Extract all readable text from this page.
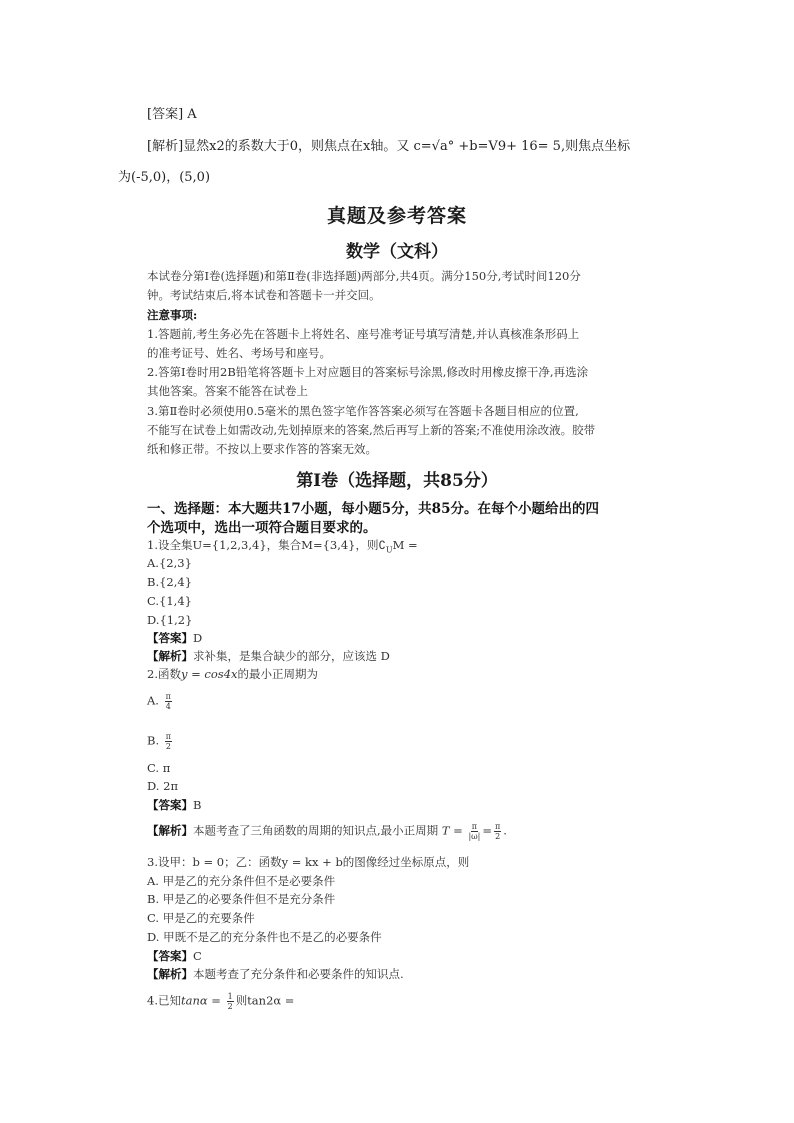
[答案] A
[解析]显然x2的系数大于0，则焦点在x轴。又 c=√a° +b=V9+ 16= 5,则焦点坐标
为(-5,0)，(5,0)
真题及参考答案
数学（文科）
本试卷分第Ⅰ卷(选择题)和第Ⅱ卷(非选择题)两部分,共4页。满分150分,考试时间120分
钟。考试结束后,将本试卷和答题卡一并交回。
注意事项:
1.答题前,考生务必先在答题卡上将姓名、座号准考证号填写清楚,并认真核准条形码上
的准考证号、姓名、考场号和座号。
2.答第Ⅰ卷时用2B铅笔将答题卡上对应题目的答案标号涂黑,修改时用橡皮擦干净,再选涂
其他答案。答案不能答在试卷上
3.第Ⅱ卷时必须使用0.5毫米的黑色签字笔作答答案必须写在答题卡各题目相应的位置,
不能写在试卷上如需改动,先划掉原来的答案,然后再写上新的答案;不准使用涂改液。胶带
纸和修正带。不按以上要求作答的答案无效。
第Ⅰ卷（选择题，共85分）
一、选择题：本大题共17小题，每小题5分，共85分。在每个小题给出的四
个选项中，选出一项符合题目要求的。
1.设全集U={1,2,3,4}，集合M={3,4}，则$∁_UM$ =
A.{2,3}
B.{2,4}
C.{1,4}
D.{1,2}
【答案】D
【解析】求补集，是集合缺少的部分，应该选 D
2.函数y = cos4x的最小正周期为
A. $\frac{\pi}{4}$
B. $\frac{\pi}{2}$
C. π
D. 2π
【答案】B
【解析】本题考查了三角函数的周期的知识点,最小正周期 $T = \frac{\pi}{|\omega|} = \frac{\pi}{2}$ .
3.设甲：b = 0；乙：函数y = kx + b的图像经过坐标原点，则
A. 甲是乙的充分条件但不是必要条件
B. 甲是乙的必要条件但不是充分条件
C. 甲是乙的充要条件
D. 甲既不是乙的充分条件也不是乙的必要条件
【答案】C
【解析】本题考查了充分条件和必要条件的知识点.
4.已知$\tan\alpha = \frac{1}{2}$ 则tan2α =
